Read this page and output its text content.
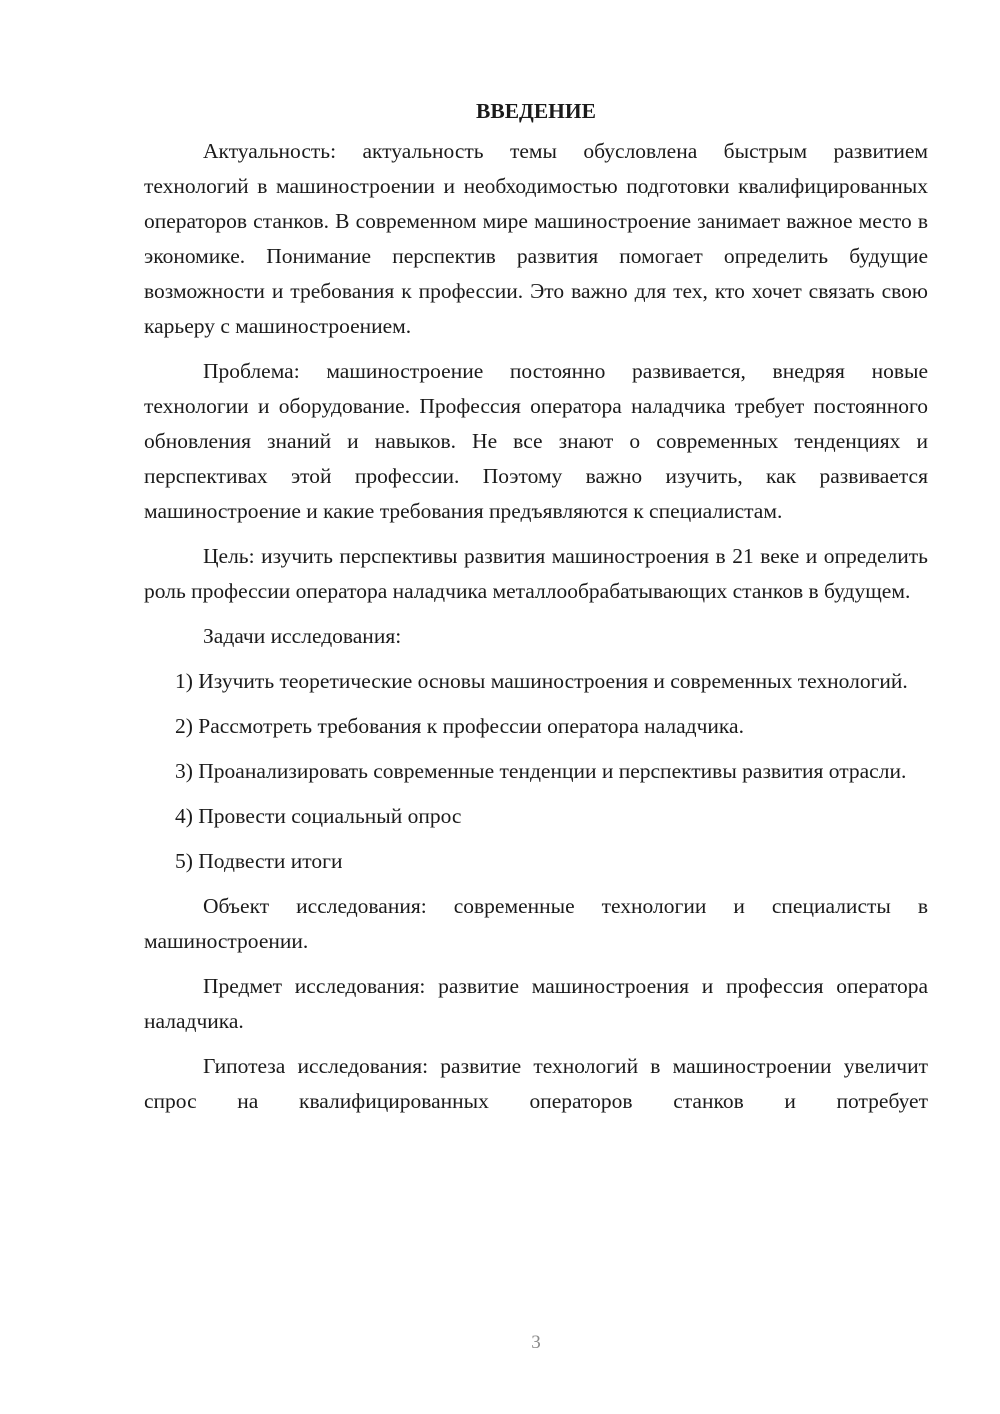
ВВЕДЕНИЕ

Актуальность: актуальность темы обусловлена быстрым развитием технологий в машиностроении и необходимостью подготовки квалифицированных операторов станков. В современном мире машиностроение занимает важное место в экономике. Понимание перспектив развития помогает определить будущие возможности и требования к профессии. Это важно для тех, кто хочет связать свою карьеру с машиностроением.

Проблема: машиностроение постоянно развивается, внедряя новые технологии и оборудование. Профессия оператора наладчика требует постоянного обновления знаний и навыков. Не все знают о современных тенденциях и перспективах этой профессии. Поэтому важно изучить, как развивается машиностроение и какие требования предъявляются к специалистам.

Цель: изучить перспективы развития машиностроения в 21 веке и определить роль профессии оператора наладчика металлообрабатывающих станков в будущем.

Задачи исследования:

1) Изучить теоретические основы машиностроения и современных технологий.

2) Рассмотреть требования к профессии оператора наладчика.

3) Проанализировать современные тенденции и перспективы развития отрасли.

4) Провести социальный опрос

5) Подвести итоги

Объект исследования: современные технологии и специалисты в машиностроении.

Предмет исследования: развитие машиностроения и профессия оператора наладчика.

Гипотеза исследования: развитие технологий в машиностроении увеличит спрос на квалифицированных операторов станков и потребует

3
